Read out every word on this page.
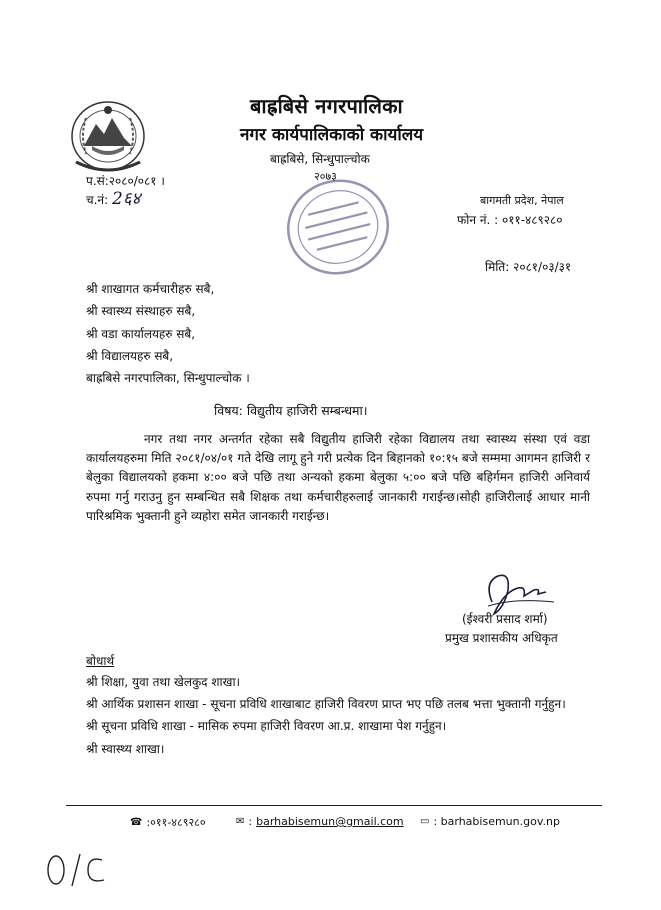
बाह्रबिसे नगरपालिका
नगर कार्यपालिकाको कार्यालय
बाह्रबिसे, सिन्धुपाल्चोक
२०७३
प.सं:२०८०/०८१ ।
च.नं: 2६४	बागमती प्रदेश, नेपाल
फोन नं. : ०११-४८९२८०
मिति: २०८१/०३/३१
श्री शाखागत कर्मचारीहरु सबै,
श्री स्वास्थ्य संस्थाहरु सबै,
श्री वडा कार्यालयहरु सबै,
श्री विद्यालयहरु सबै,
बाह्रबिसे नगरपालिका, सिन्धुपाल्चोक ।
विषय: विद्युतीय हाजिरी सम्बन्धमा।
नगर तथा नगर अन्तर्गत रहेका सबै विद्युतीय हाजिरी रहेका विद्यालय तथा स्वास्थ्य संस्था एवं वडा कार्यालयहरुमा मिति २०८१/०४/०१ गते देखि लागू हुने गरी प्रत्येक दिन बिहानको १०:१५ बजे सम्ममा आगमन हाजिरी र बेलुका विद्यालयको हकमा ४:०० बजे पछि तथा अन्यको हकमा बेलुका ५:०० बजे पछि बहिर्गमन हाजिरी अनिवार्य रुपमा गर्नु गराउनु हुन सम्बन्धित सबै शिक्षक तथा कर्मचारीहरुलाई जानकारी गराईन्छ।सोही हाजिरीलाई आधार मानी पारिश्रमिक भुक्तानी हुने व्यहोरा समेत जानकारी गराईन्छ।
(ईश्वरी प्रसाद शर्मा)
प्रमुख प्रशासकीय अधिकृत
बोधार्थ
श्री शिक्षा, युवा तथा खेलकुद शाखा।
श्री आर्थिक प्रशासन शाखा - सूचना प्रविधि शाखाबाट हाजिरी विवरण प्राप्त भए पछि तलब भत्ता भुक्तानी गर्नुहुन।
श्री सूचना प्रविधि शाखा - मासिक रुपमा हाजिरी विवरण आ.प्र. शाखामा पेश गर्नुहुन।
श्री स्वास्थ्य शाखा।
☎ :०११-४८९२८०	✉ : barhabisemun@gmail.com ▭ : barhabisemun.gov.np
